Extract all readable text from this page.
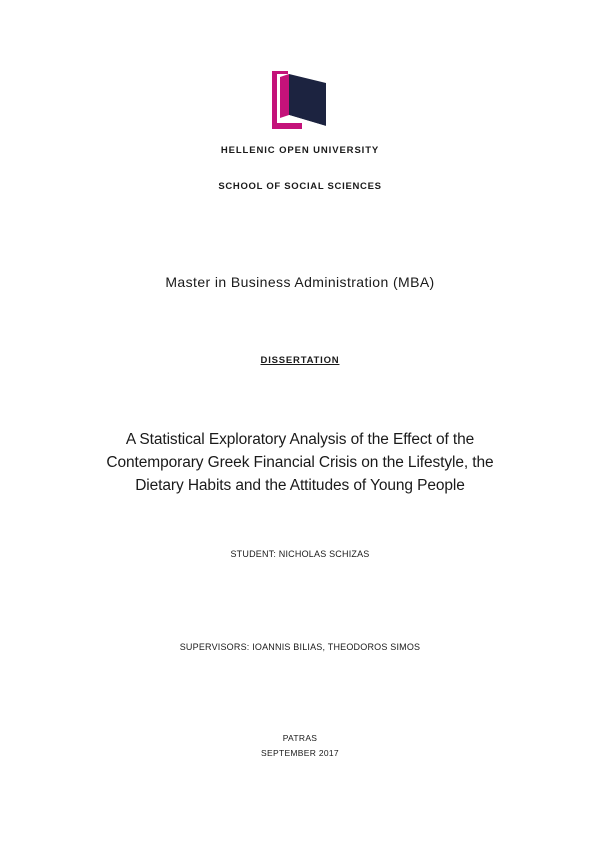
HELLENIC OPEN UNIVERSITY
SCHOOL OF SOCIAL SCIENCES
Master in Business Administration (MBA)
DISSERTATION
A Statistical Exploratory Analysis of the Effect of the
Contemporary Greek Financial Crisis on the Lifestyle, the
Dietary Habits and the Attitudes of Young People
STUDENT: NICHOLAS SCHIZAS
SUPERVISORS: IOANNIS BILIAS, THEODOROS SIMOS
PATRAS
SEPTEMBER 2017
